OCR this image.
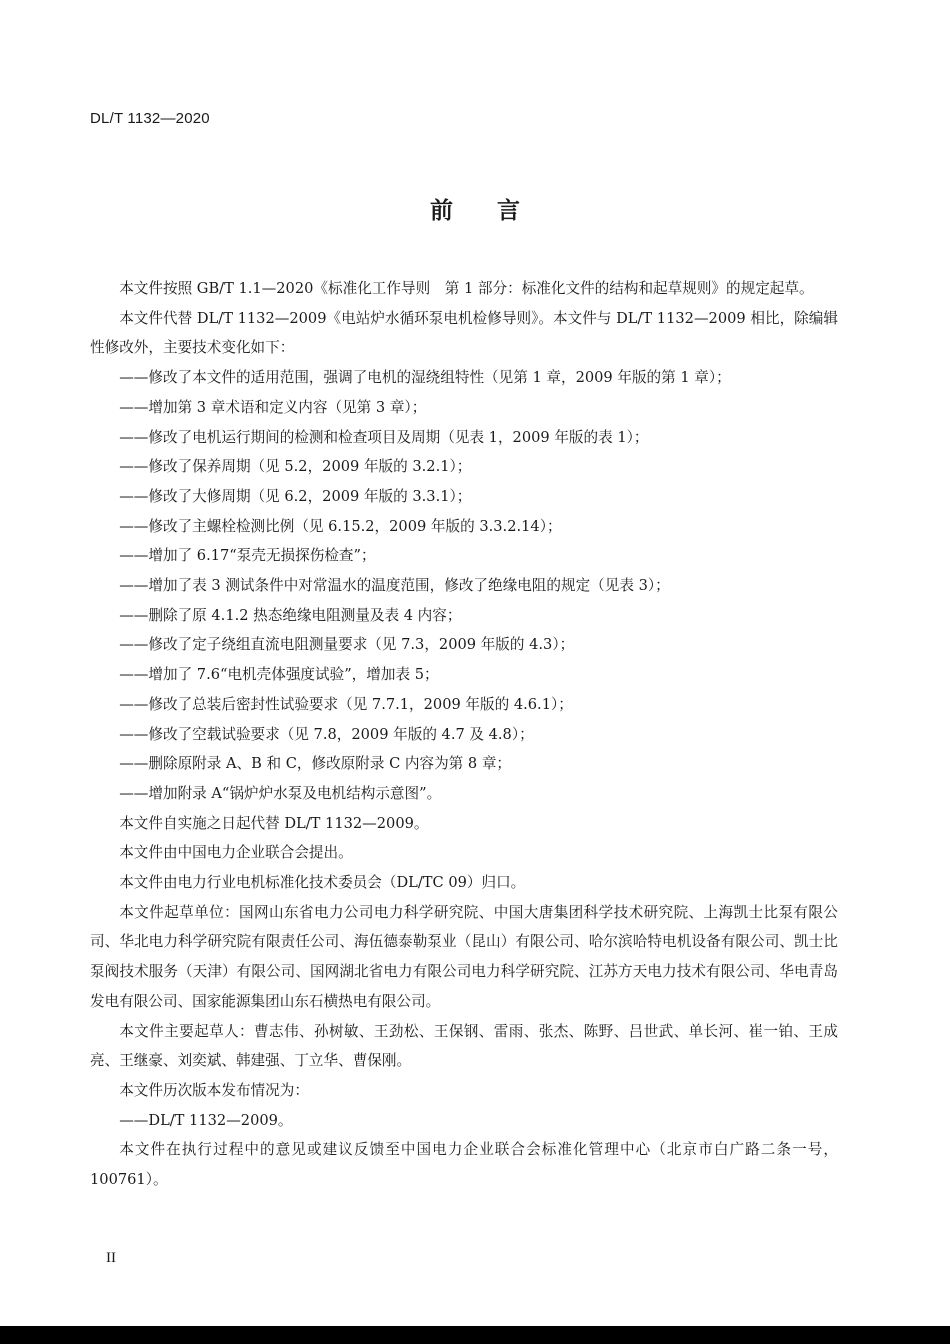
DL/T 1132—2020
前言

本文件按照 GB/T 1.1—2020《标准化工作导则　第 1 部分：标准化文件的结构和起草规则》的规定起草。

本文件代替 DL/T 1132—2009《电站炉水循环泵电机检修导则》。本文件与 DL/T 1132—2009 相比，除编辑性修改外，主要技术变化如下：

——修改了本文件的适用范围，强调了电机的湿绕组特性（见第 1 章，2009 年版的第 1 章）；

——增加第 3 章术语和定义内容（见第 3 章）；

——修改了电机运行期间的检测和检查项目及周期（见表 1，2009 年版的表 1）；

——修改了保养周期（见 5.2，2009 年版的 3.2.1）；

——修改了大修周期（见 6.2，2009 年版的 3.3.1）；

——修改了主螺栓检测比例（见 6.15.2，2009 年版的 3.3.2.14）；

——增加了 6.17“泵壳无损探伤检查”；

——增加了表 3 测试条件中对常温水的温度范围，修改了绝缘电阻的规定（见表 3）；

——删除了原 4.1.2 热态绝缘电阻测量及表 4 内容；

——修改了定子绕组直流电阻测量要求（见 7.3，2009 年版的 4.3）；

——增加了 7.6“电机壳体强度试验”，增加表 5；

——修改了总装后密封性试验要求（见 7.7.1，2009 年版的 4.6.1）；

——修改了空载试验要求（见 7.8，2009 年版的 4.7 及 4.8）；

——删除原附录 A、B 和 C，修改原附录 C 内容为第 8 章；

——增加附录 A“锅炉炉水泵及电机结构示意图”。

本文件自实施之日起代替 DL/T 1132—2009。

本文件由中国电力企业联合会提出。

本文件由电力行业电机标准化技术委员会（DL/TC 09）归口。

本文件起草单位：国网山东省电力公司电力科学研究院、中国大唐集团科学技术研究院、上海凯士比泵有限公司、华北电力科学研究院有限责任公司、海伍德泰勒泵业（昆山）有限公司、哈尔滨哈特电机设备有限公司、凯士比泵阀技术服务（天津）有限公司、国网湖北省电力有限公司电力科学研究院、江苏方天电力技术有限公司、华电青岛发电有限公司、国家能源集团山东石横热电有限公司。

本文件主要起草人：曹志伟、孙树敏、王劲松、王保钢、雷雨、张杰、陈野、吕世武、单长河、崔一铂、王成亮、王继豪、刘奕斌、韩建强、丁立华、曹保刚。

本文件历次版本发布情况为：

——DL/T 1132—2009。

本文件在执行过程中的意见或建议反馈至中国电力企业联合会标准化管理中心（北京市白广路二条一号，100761）。

II
